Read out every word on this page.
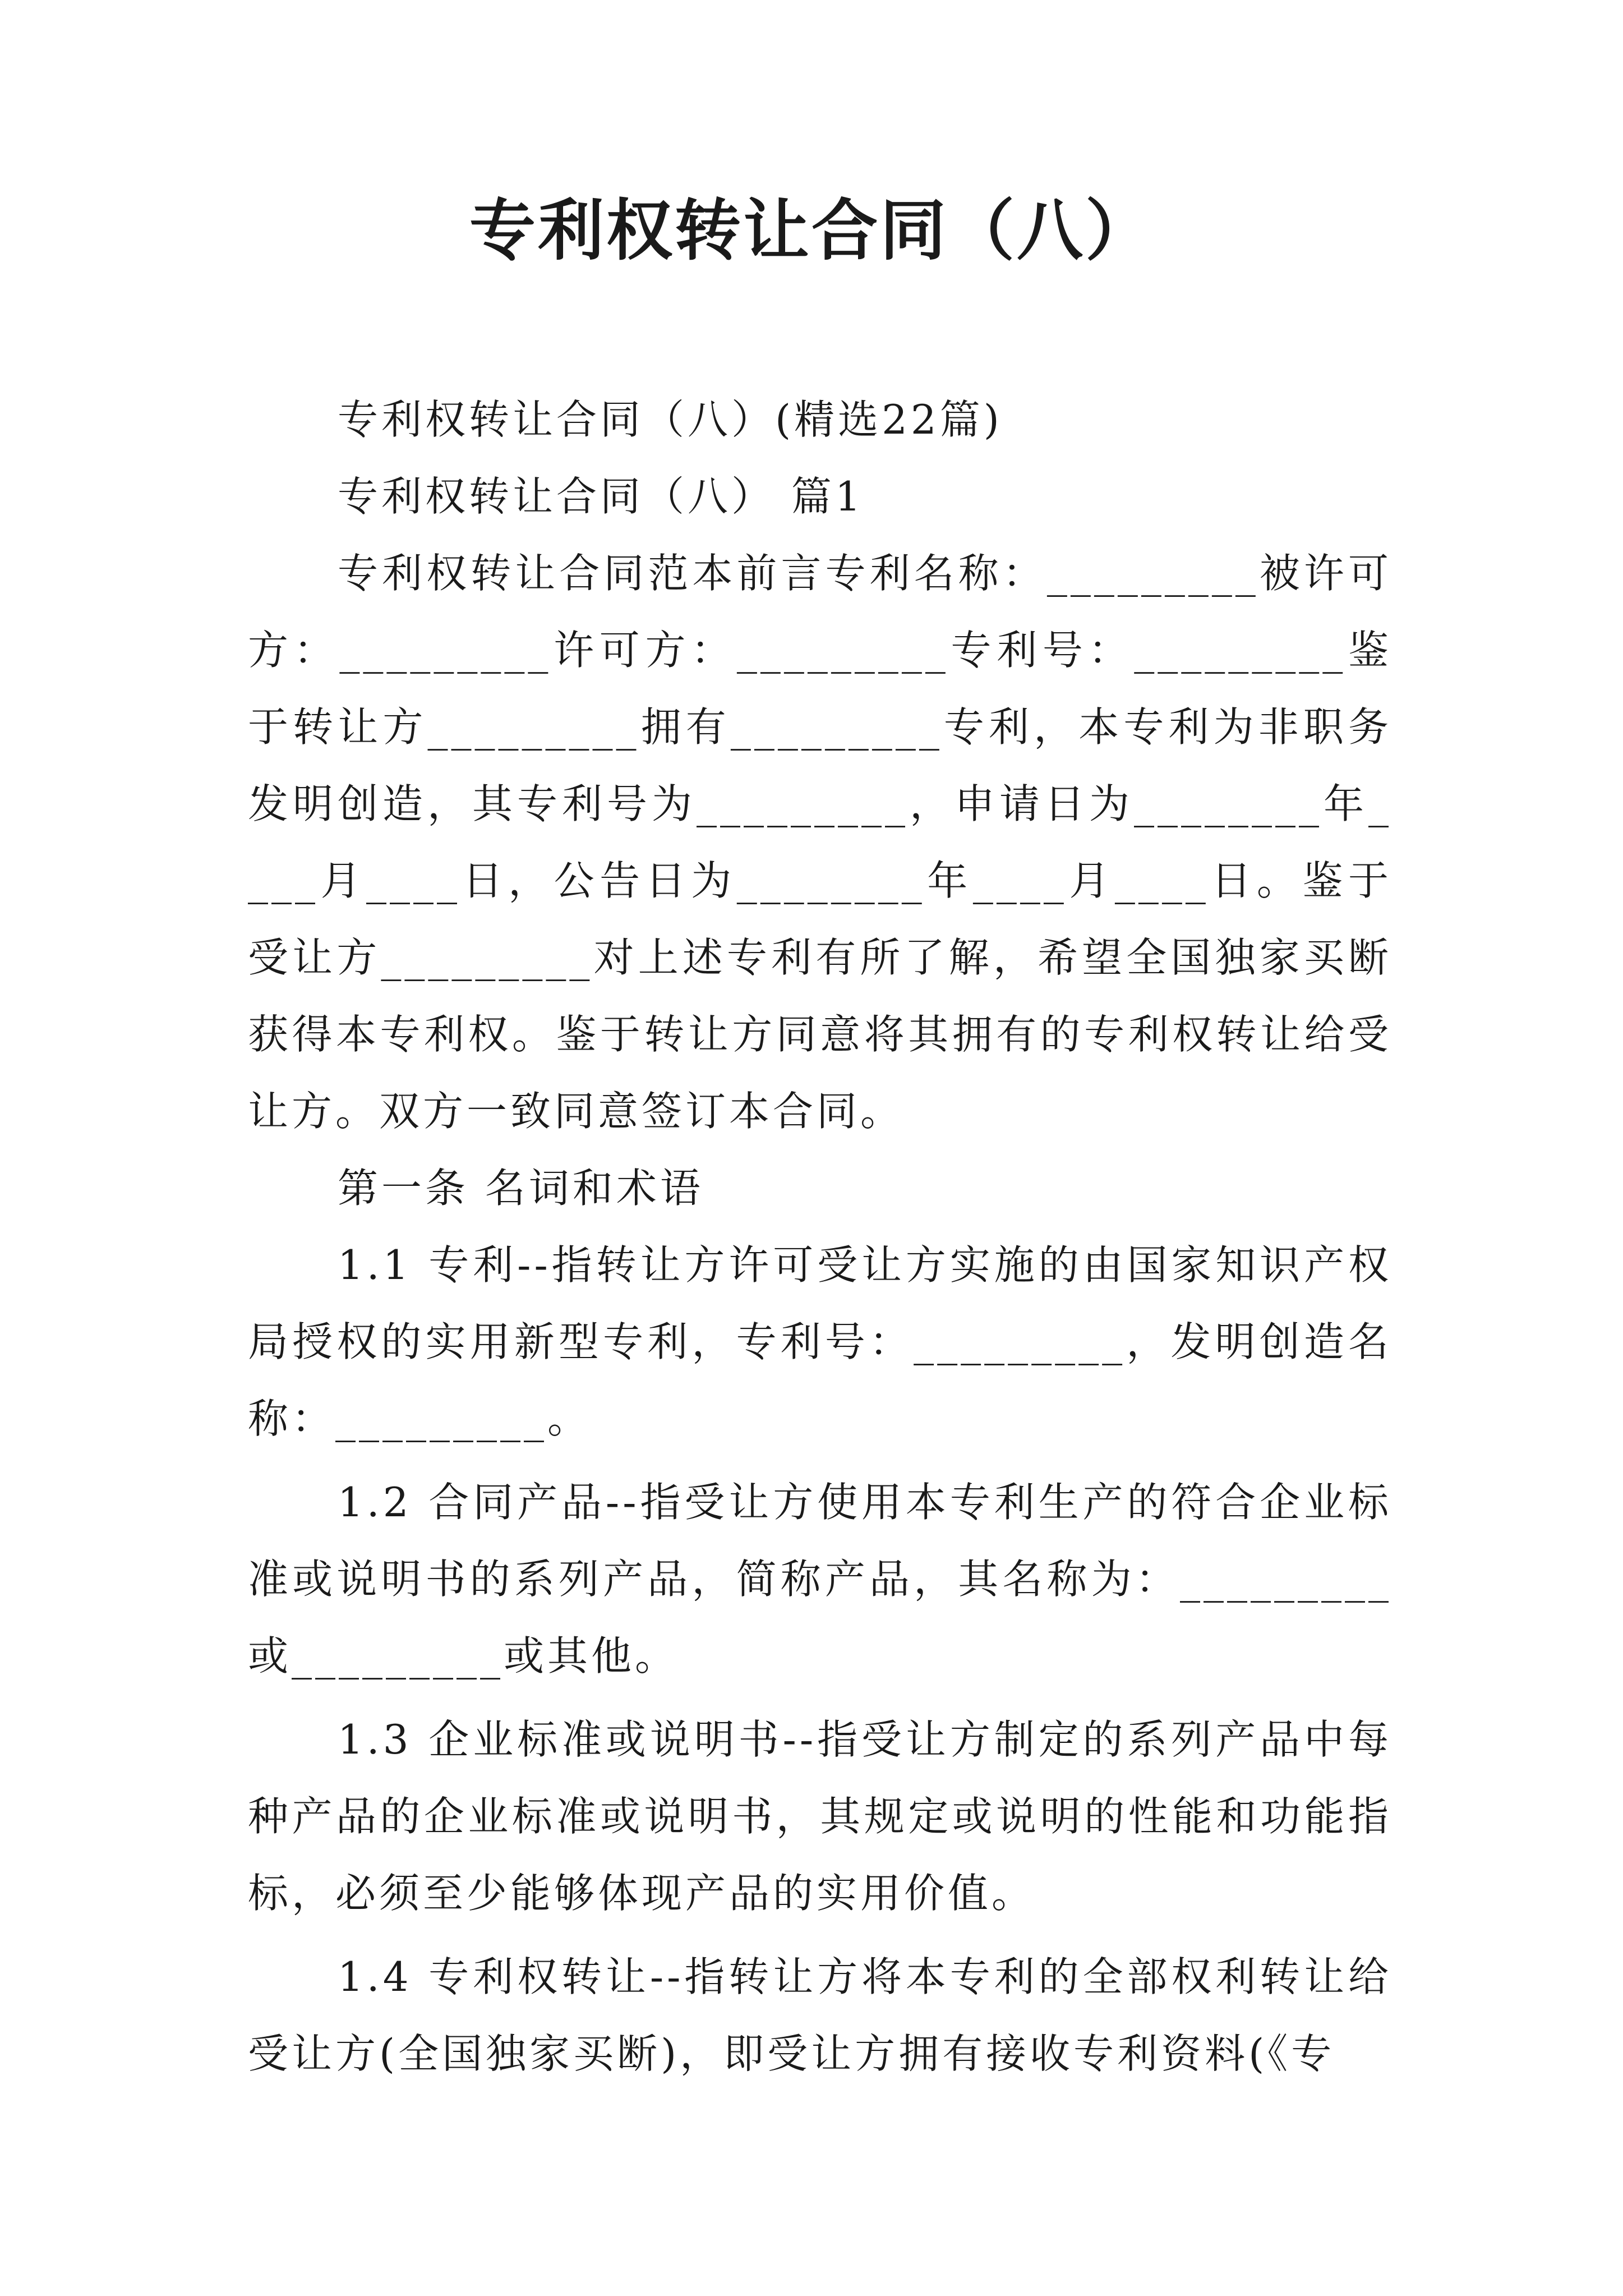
专利权转让合同（八）

专利权转让合同（八）(精选22篇)

专利权转让合同（八） 篇1

专利权转让合同范本前言专利名称：_________被许可方：_________许可方：_________专利号：_________鉴于转让方_________拥有_________专利，本专利为非职务发明创造，其专利号为_________，申请日为________年____月____日，公告日为________年____月____日。鉴于受让方_________对上述专利有所了解，希望全国独家买断获得本专利权。鉴于转让方同意将其拥有的专利权转让给受让方。双方一致同意签订本合同。

第一条 名词和术语

1.1 专利--指转让方许可受让方实施的由国家知识产权局授权的实用新型专利，专利号：_________，发明创造名称：_________。

1.2 合同产品--指受让方使用本专利生产的符合企业标准或说明书的系列产品，简称产品，其名称为：_________或_________或其他。

1.3 企业标准或说明书--指受让方制定的系列产品中每种产品的企业标准或说明书，其规定或说明的性能和功能指标，必须至少能够体现产品的实用价值。

1.4 专利权转让--指转让方将本专利的全部权利转让给受让方(全国独家买断)，即受让方拥有接收专利资料(《专
